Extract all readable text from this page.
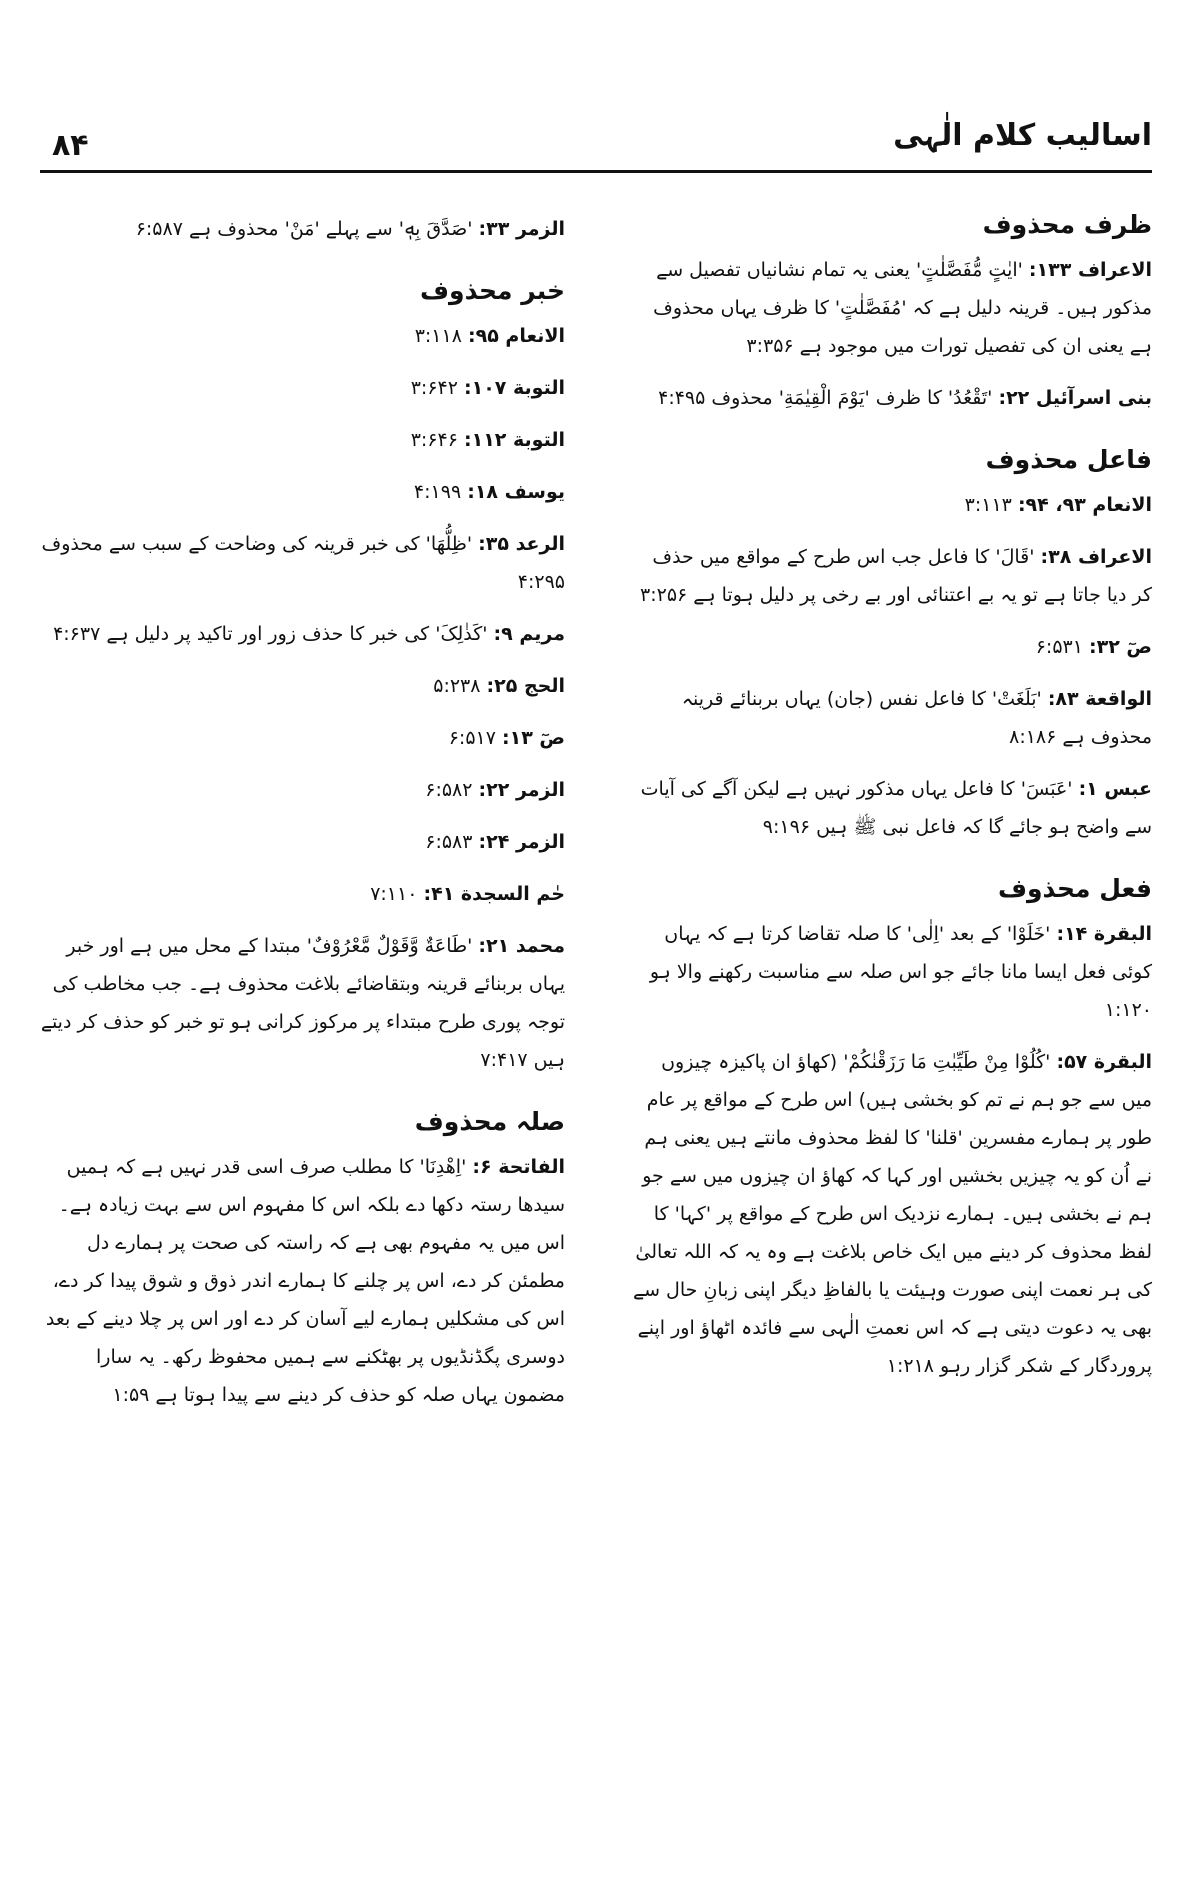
اسالیب کلام الٰہی
۸۴
ظرف محذوف
الاعراف ۱۳۳: 'ایٰتٍ مُّفَصَّلٰتٍ' یعنی یہ تمام نشانیاں تفصیل سے مذکور ہیں۔ قرینہ دلیل ہے کہ 'مُفَصَّلٰتٍ' کا ظرف یہاں محذوف ہے یعنی ان کی تفصیل تورات میں موجود ہے ۳:۳۵۶
بنی اسرآئیل ۲۲: 'تَقْعُدُ' کا ظرف 'یَوْمَ الْقِیٰمَةِ' محذوف ۴:۴۹۵
فاعل محذوف
الانعام ۹۳، ۹۴: ۳:۱۱۳
الاعراف ۳۸: 'قَالَ' کا فاعل جب اس طرح کے مواقع میں حذف کر دیا جاتا ہے تو یہ بے اعتنائی اور بے رخی پر دلیل ہوتا ہے ۳:۲۵۶
صٓ ۳۲: ۶:۵۳۱
الواقعة ۸۳: 'بَلَغَتْ' کا فاعل نفس (جان) یہاں بربنائے قرینہ محذوف ہے ۸:۱۸۶
عبس ۱: 'عَبَسَ' کا فاعل یہاں مذکور نہیں ہے لیکن آگے کی آیات سے واضح ہو جائے گا کہ فاعل نبی ﷺ ہیں ۹:۱۹۶
فعل محذوف
البقرة ۱۴: 'خَلَوْا' کے بعد 'اِلٰی' کا صلہ تقاضا کرتا ہے کہ یہاں کوئی فعل ایسا مانا جائے جو اس صلہ سے مناسبت رکھنے والا ہو ۱:۱۲۰
البقرة ۵۷: 'کُلُوْا مِنْ طَیِّبٰتِ مَا رَزَقْنٰکُمْ' (کھاؤ ان پاکیزہ چیزوں میں سے جو ہم نے تم کو بخشی ہیں) اس طرح کے مواقع پر عام طور پر ہمارے مفسرین 'قلنا' کا لفظ محذوف مانتے ہیں یعنی ہم نے اُن کو یہ چیزیں بخشیں اور کہا کہ کھاؤ ان چیزوں میں سے جو ہم نے بخشی ہیں۔ ہمارے نزدیک اس طرح کے مواقع پر 'کہا' کا لفظ محذوف کر دینے میں ایک خاص بلاغت ہے وہ یہ کہ اللہ تعالیٰ کی ہر نعمت اپنی صورت وہیئت یا بالفاظِ دیگر اپنی زبانِ حال سے بھی یہ دعوت دیتی ہے کہ اس نعمتِ الٰہی سے فائدہ اٹھاؤ اور اپنے پروردگار کے شکر گزار رہو ۱:۲۱۸
الزمر ۳۳: 'صَدَّقَ بِهٖ' سے پہلے 'مَنْ' محذوف ہے ۶:۵۸۷
خبر محذوف
الانعام ۹۵: ۳:۱۱۸
التوبة ۱۰۷: ۳:۶۴۲
التوبة ۱۱۲: ۳:۶۴۶
یوسف ۱۸: ۴:۱۹۹
الرعد ۳۵: 'ظِلُّهَا' کی خبر قرینہ کی وضاحت کے سبب سے محذوف ۴:۲۹۵
مریم ۹: 'کَذٰلِکَ' کی خبر کا حذف زور اور تاکید پر دلیل ہے ۴:۶۳۷
الحج ۲۵: ۵:۲۳۸
صٓ ۱۳: ۶:۵۱۷
الزمر ۲۲: ۶:۵۸۲
الزمر ۲۴: ۶:۵۸۳
حٰم السجدة ۴۱: ۷:۱۱۰
محمد ۲۱: 'طَاعَةٌ وَّقَوْلٌ مَّعْرُوْفٌ' مبتدا کے محل میں ہے اور خبر یہاں بربنائے قرینہ وبتقاضائے بلاغت محذوف ہے۔ جب مخاطب کی توجہ پوری طرح مبتداء پر مرکوز کرانی ہو تو خبر کو حذف کر دیتے ہیں ۷:۴۱۷
صلہ محذوف
الفاتحة ۶: 'اِهْدِنَا' کا مطلب صرف اسی قدر نہیں ہے کہ ہمیں سیدھا رستہ دکھا دے بلکہ اس کا مفہوم اس سے بہت زیادہ ہے۔ اس میں یہ مفہوم بھی ہے کہ راستہ کی صحت پر ہمارے دل مطمئن کر دے، اس پر چلنے کا ہمارے اندر ذوق و شوق پیدا کر دے، اس کی مشکلیں ہمارے لیے آسان کر دے اور اس پر چلا دینے کے بعد دوسری پگڈنڈیوں پر بھٹکنے سے ہمیں محفوظ رکھ۔ یہ سارا مضمون یہاں صلہ کو حذف کر دینے سے پیدا ہوتا ہے ۱:۵۹
